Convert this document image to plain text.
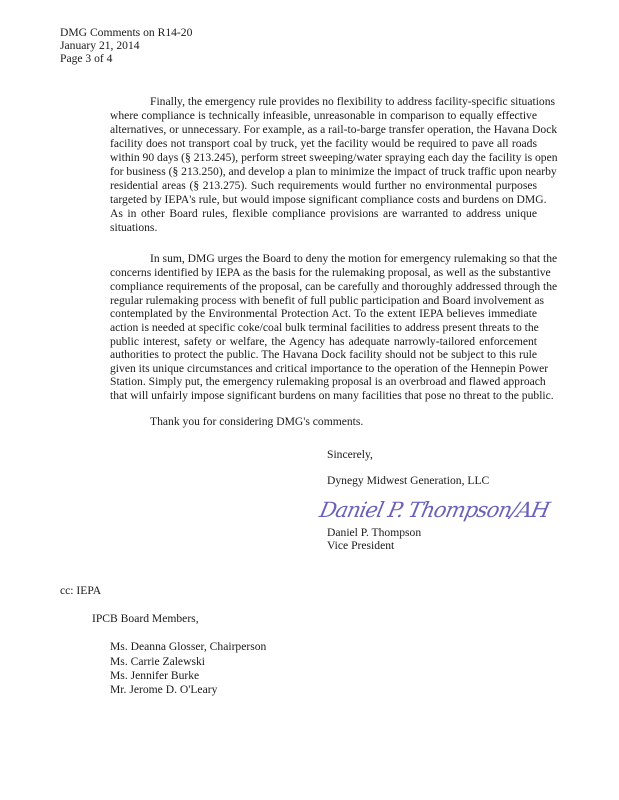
DMG Comments on R14-20
January 21, 2014
Page 3 of 4
Finally, the emergency rule provides no flexibility to address facility-specific situations
where compliance is technically infeasible, unreasonable in comparison to equally effective
alternatives, or unnecessary. For example, as a rail-to-barge transfer operation, the Havana Dock
facility does not transport coal by truck, yet the facility would be required to pave all roads
within 90 days (§ 213.245), perform street sweeping/water spraying each day the facility is open
for business (§ 213.250), and develop a plan to minimize the impact of truck traffic upon nearby
residential areas (§ 213.275). Such requirements would further no environmental purposes
targeted by IEPA's rule, but would impose significant compliance costs and burdens on DMG.
As in other Board rules, flexible compliance provisions are warranted to address unique
situations.
In sum, DMG urges the Board to deny the motion for emergency rulemaking so that the
concerns identified by IEPA as the basis for the rulemaking proposal, as well as the substantive
compliance requirements of the proposal, can be carefully and thoroughly addressed through the
regular rulemaking process with benefit of full public participation and Board involvement as
contemplated by the Environmental Protection Act. To the extent IEPA believes immediate
action is needed at specific coke/coal bulk terminal facilities to address present threats to the
public interest, safety or welfare, the Agency has adequate narrowly-tailored enforcement
authorities to protect the public. The Havana Dock facility should not be subject to this rule
given its unique circumstances and critical importance to the operation of the Hennepin Power
Station. Simply put, the emergency rulemaking proposal is an overbroad and flawed approach
that will unfairly impose significant burdens on many facilities that pose no threat to the public.
Thank you for considering DMG's comments.
Sincerely,
Dynegy Midwest Generation, LLC
Daniel P. Thompson/AH
Daniel P. Thompson
Vice President
cc: IEPA
IPCB Board Members,
Ms. Deanna Glosser, Chairperson
Ms. Carrie Zalewski
Ms. Jennifer Burke
Mr. Jerome D. O'Leary
